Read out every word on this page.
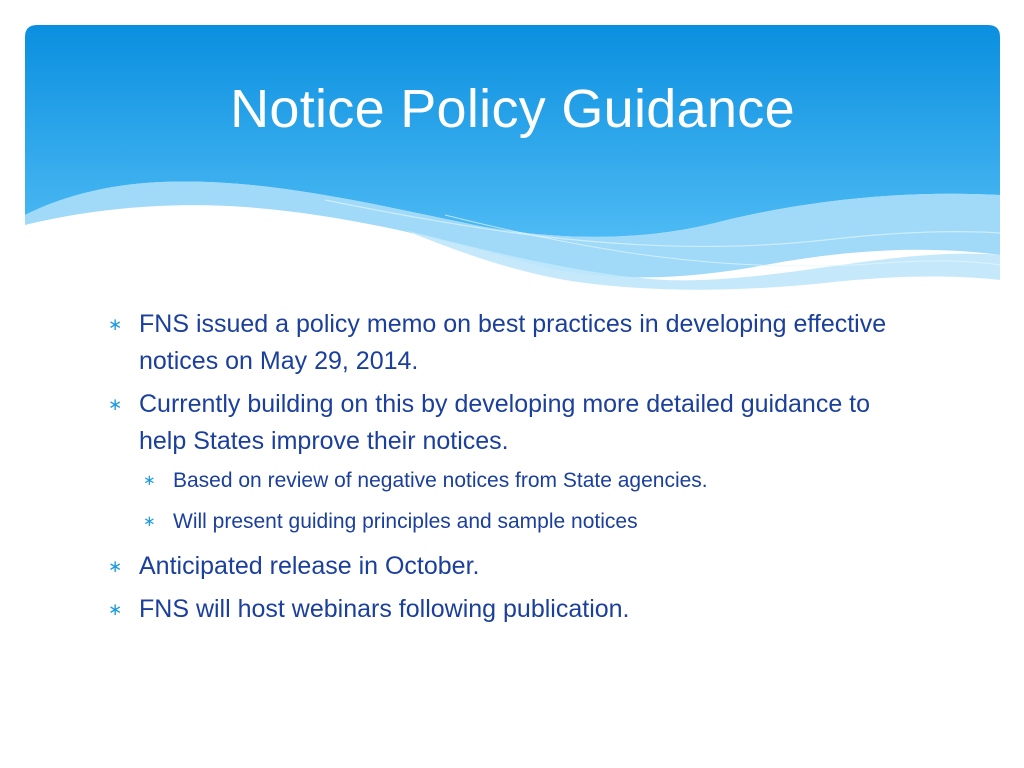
Notice Policy Guidance
∗ FNS issued a policy memo on best practices in developing effective notices on May 29, 2014.
∗ Currently building on this by developing more detailed guidance to help States improve their notices.
∗ Based on review of negative notices from State agencies.
∗ Will present guiding principles and sample notices
∗ Anticipated release in October.
∗ FNS will host webinars following publication.
